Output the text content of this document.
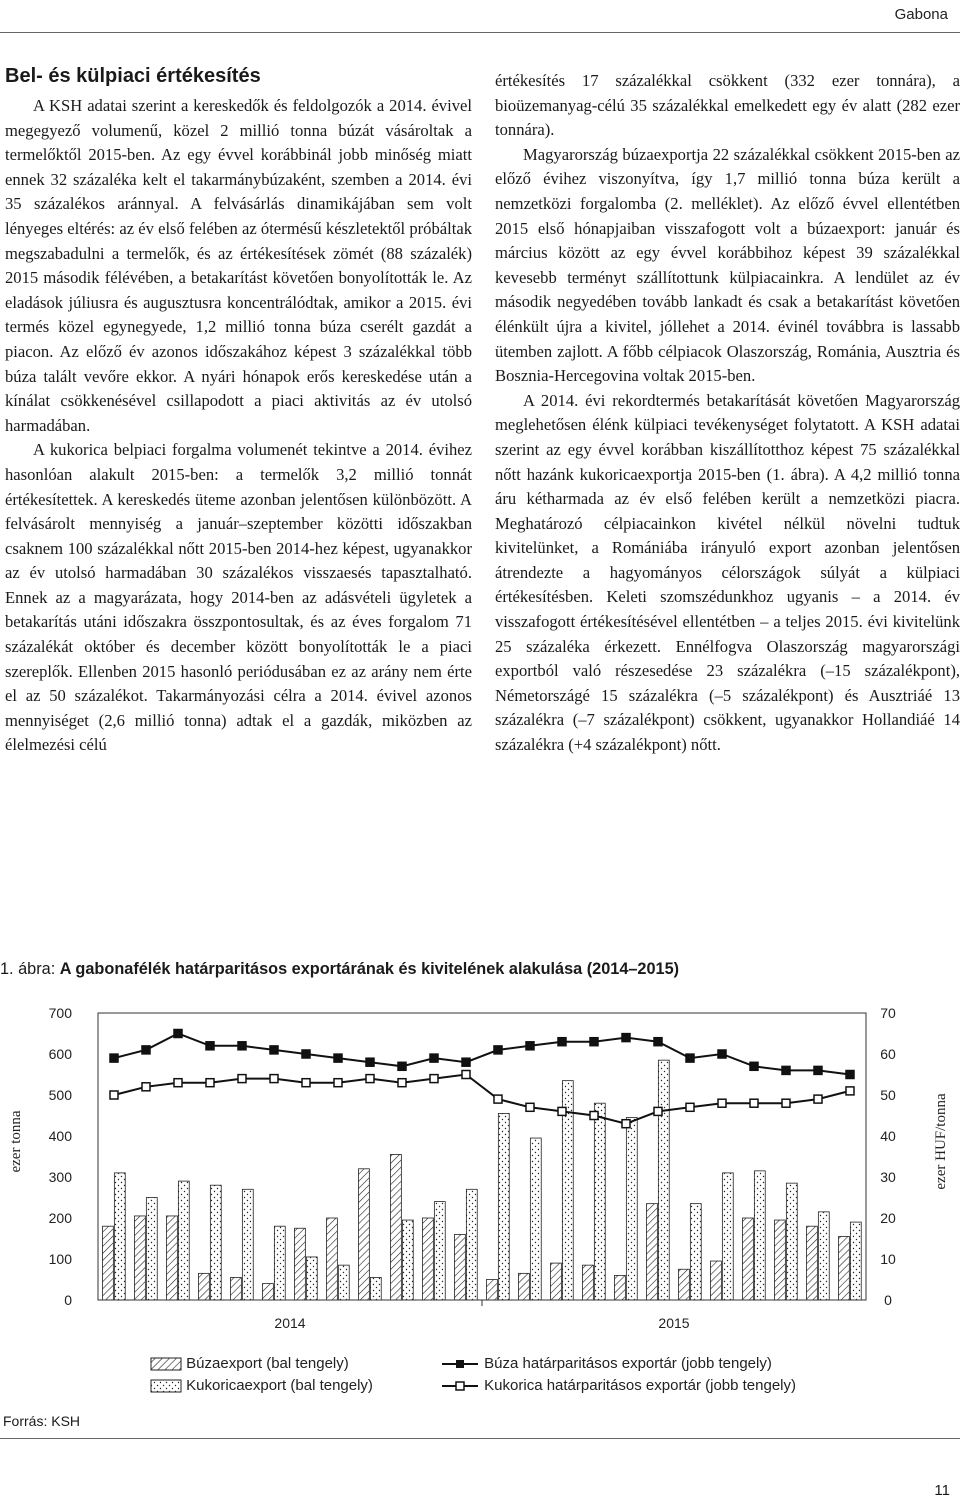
Gabona
Bel- és külpiaci értékesítés

A KSH adatai szerint a kereskedők és feldolgozók a 2014. évivel megegyező volumenű, közel 2 millió tonna búzát vásároltak a termelőktől 2015-ben. Az egy évvel korábbinál jobb minőség miatt ennek 32 százaléka kelt el takarmánybúzaként, szemben a 2014. évi 35 százalékos aránnyal. A felvásárlás dinamikájában sem volt lényeges eltérés: az év első felében az ótermésű készletektől próbáltak megszabadulni a termelők, és az értékesítések zömét (88 százalék) 2015 második félévében, a betakarítást követően bonyolították le. Az eladások júliusra és augusztusra koncentrálódtak, amikor a 2015. évi termés közel egynegyede, 1,2 millió tonna búza cserélt gazdát a piacon. Az előző év azonos időszakához képest 3 százalékkal több búza talált vevőre ekkor. A nyári hónapok erős kereskedése után a kínálat csökkenésével csillapodott a piaci aktivitás az év utolsó harmadában.

A kukorica belpiaci forgalma volumenét tekintve a 2014. évihez hasonlóan alakult 2015-ben: a termelők 3,2 millió tonnát értékesítettek. A kereskedés üteme azonban jelentősen különbözött. A felvásárolt mennyiség a január–szeptember közötti időszakban csaknem 100 százalékkal nőtt 2015-ben 2014-hez képest, ugyanakkor az év utolsó harmadában 30 százalékos visszaesés tapasztalható. Ennek az a magyarázata, hogy 2014-ben az adásvételi ügyletek a betakarítás utáni időszakra összpontosultak, és az éves forgalom 71 százalékát október és december között bonyolították le a piaci szereplők. Ellenben 2015 hasonló periódusában ez az arány nem érte el az 50 százalékot. Takarmányozási célra a 2014. évivel azonos mennyiséget (2,6 millió tonna) adtak el a gazdák, miközben az élelmezési célú

értékesítés 17 százalékkal csökkent (332 ezer tonnára), a bioüzemanyag-célú 35 százalékkal emelkedett egy év alatt (282 ezer tonnára).

Magyarország búzaexportja 22 százalékkal csökkent 2015-ben az előző évihez viszonyítva, így 1,7 millió tonna búza került a nemzetközi forgalomba (2. melléklet). Az előző évvel ellentétben 2015 első hónapjaiban visszafogott volt a búzaexport: január és március között az egy évvel korábbihoz képest 39 százalékkal kevesebb terményt szállítottunk külpiacainkra. A lendület az év második negyedében tovább lankadt és csak a betakarítást követően élénkült újra a kivitel, jóllehet a 2014. évinél továbbra is lassabb ütemben zajlott. A főbb célpiacok Olaszország, Románia, Ausztria és Bosznia-Hercegovina voltak 2015-ben.

A 2014. évi rekordtermés betakarítását követően Magyarország meglehetősen élénk külpiaci tevékenységet folytatott. A KSH adatai szerint az egy évvel korábban kiszállítotthoz képest 75 százalékkal nőtt hazánk kukoricaexportja 2015-ben (1. ábra). A 4,2 millió tonna áru kétharmada az év első felében került a nemzetközi piacra. Meghatározó célpiacainkon kivétel nélkül növelni tudtuk kivitelünket, a Romániába irányuló export azonban jelentősen átrendezte a hagyományos célországok súlyát a külpiaci értékesítésben. Keleti szomszédunkhoz ugyanis – a 2014. év visszafogott értékesítésével ellentétben – a teljes 2015. évi kivitelünk 25 százaléka érkezett. Ennélfogva Olaszország magyarországi exportból való részesedése 23 százalékra (–15 százalékpont), Németországé 15 százalékra (–5 százalékpont) és Ausztriáé 13 százalékra (–7 százalékpont) csökkent, ugyanakkor Hollandiáé 14 százalékra (+4 százalékpont) nőtt.

1. ábra: A gabonafélék határparitásos exportárának és kivitelének alakulása (2014–2015)
0
100
200
300
400
500
600
700
0
10
20
30
40
50
60
70
ezer tonna	ezer HUF/tonna
2014	2015
Búzaexport (bal tengely)
Kukoricaexport (bal tengely)
Búza határparitásos exportár (jobb tengely)
Kukorica határparitásos exportár (jobb tengely)
Forrás: KSH
11
